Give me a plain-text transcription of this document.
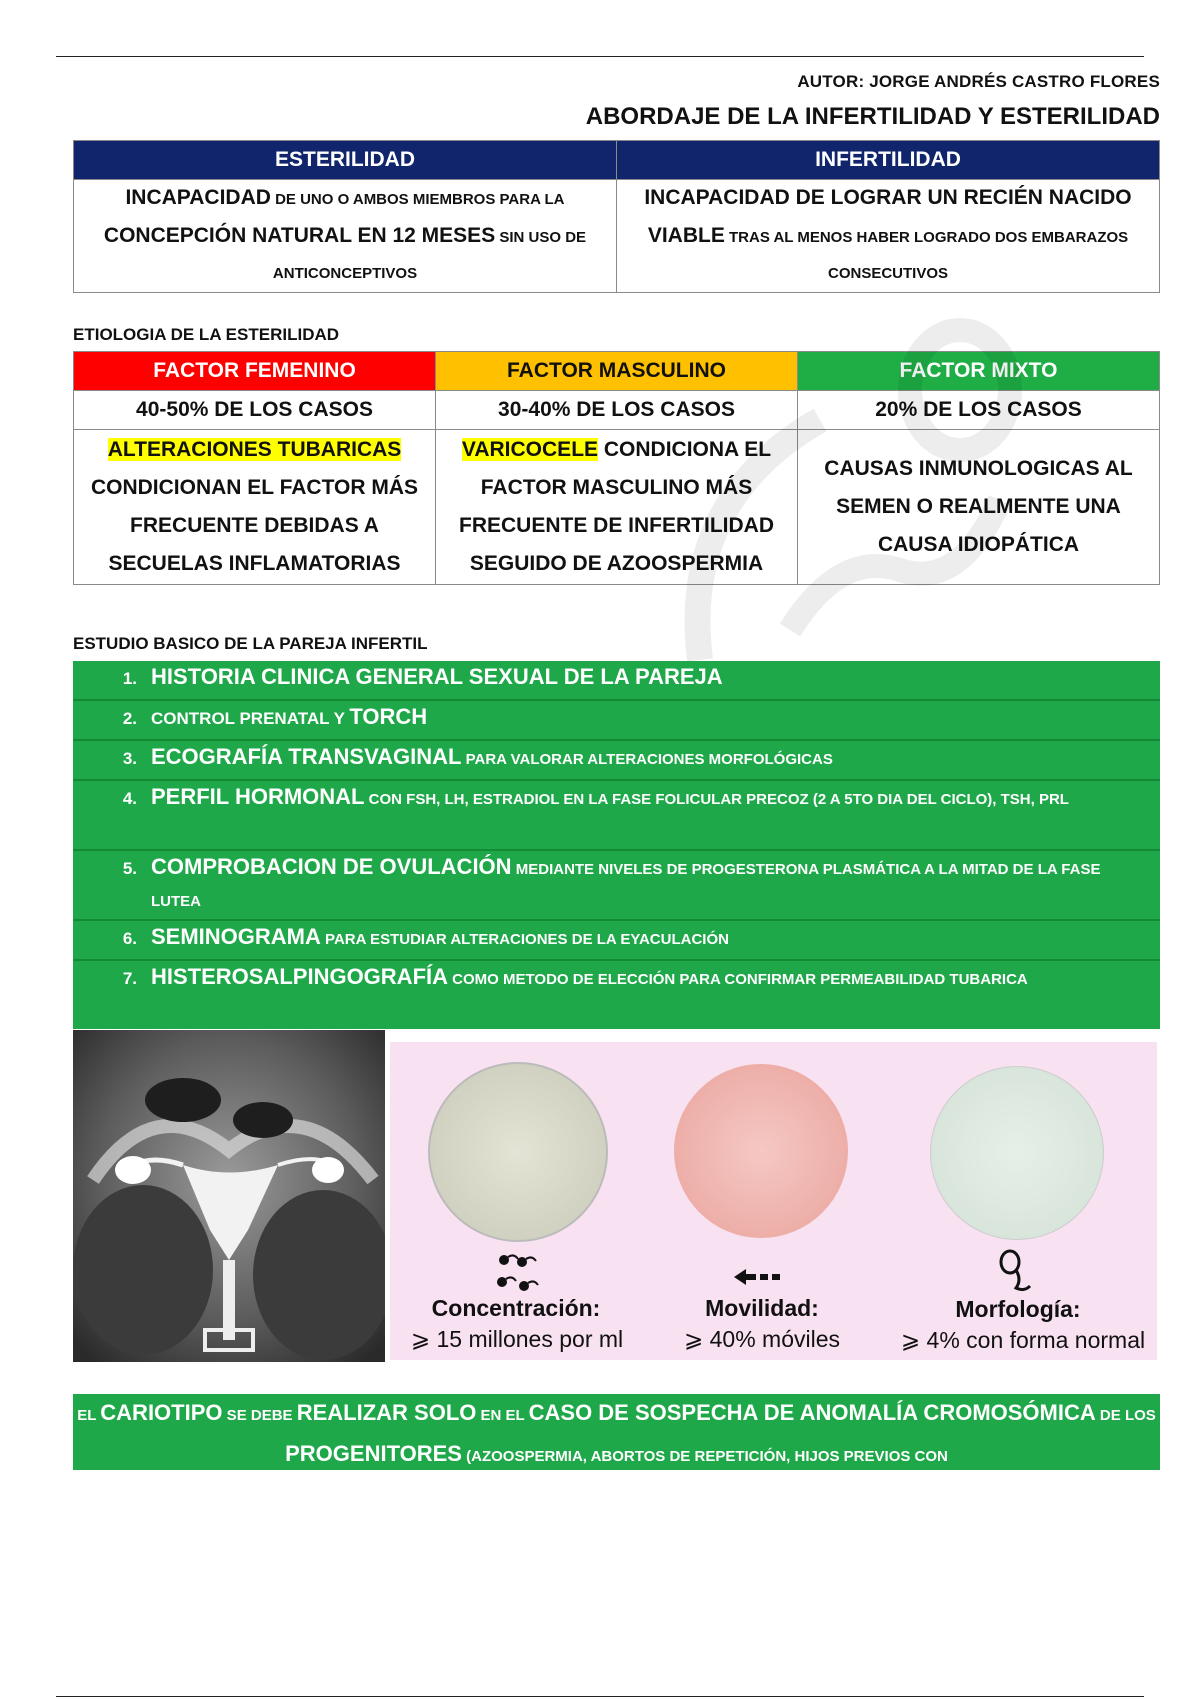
AUTOR: JORGE ANDRÉS CASTRO FLORES
ABORDAJE DE LA INFERTILIDAD Y ESTERILIDAD
ESTERILIDAD	INFERTILIDAD
INCAPACIDAD DE UNO O AMBOS MIEMBROS PARA LA CONCEPCIÓN NATURAL EN 12 MESES SIN USO DE ANTICONCEPTIVOS	INCAPACIDAD DE LOGRAR UN RECIÉN NACIDO VIABLE TRAS AL MENOS HABER LOGRADO DOS EMBARAZOS CONSECUTIVOS
ETIOLOGIA DE LA ESTERILIDAD
FACTOR FEMENINO	FACTOR MASCULINO	FACTOR MIXTO
40-50% DE LOS CASOS	30-40% DE LOS CASOS	20% DE LOS CASOS
ALTERACIONES TUBARICAS CONDICIONAN EL FACTOR MÁS FRECUENTE DEBIDAS A SECUELAS INFLAMATORIAS	VARICOCELE CONDICIONA EL FACTOR MASCULINO MÁS FRECUENTE DE INFERTILIDAD SEGUIDO DE AZOOSPERMIA	CAUSAS INMUNOLOGICAS AL SEMEN O REALMENTE UNA CAUSA IDIOPÁTICA
ESTUDIO BASICO DE LA PAREJA INFERTIL
1. HISTORIA CLINICA GENERAL SEXUAL DE LA PAREJA
2. CONTROL PRENATAL Y TORCH
3. ECOGRAFÍA TRANSVAGINAL PARA VALORAR ALTERACIONES MORFOLÓGICAS
4. PERFIL HORMONAL CON FSH, LH, ESTRADIOL EN LA FASE FOLICULAR PRECOZ (2 A 5TO DIA DEL CICLO), TSH, PRL
5. COMPROBACION DE OVULACIÓN MEDIANTE NIVELES DE PROGESTERONA PLASMÁTICA A LA MITAD DE LA FASE LUTEA
6. SEMINOGRAMA PARA ESTUDIAR ALTERACIONES DE LA EYACULACIÓN
7. HISTEROSALPINGOGRAFÍA COMO METODO DE ELECCIÓN PARA CONFIRMAR PERMEABILIDAD TUBARICA
Concentración:
⩾ 15 millones por ml
Movilidad:
⩾ 40% móviles
Morfología:
⩾ 4% con forma normal
EL CARIOTIPO SE DEBE REALIZAR SOLO EN EL CASO DE SOSPECHA DE ANOMALÍA CROMOSÓMICA DE LOS PROGENITORES (AZOOSPERMIA, ABORTOS DE REPETICIÓN, HIJOS PREVIOS CON
